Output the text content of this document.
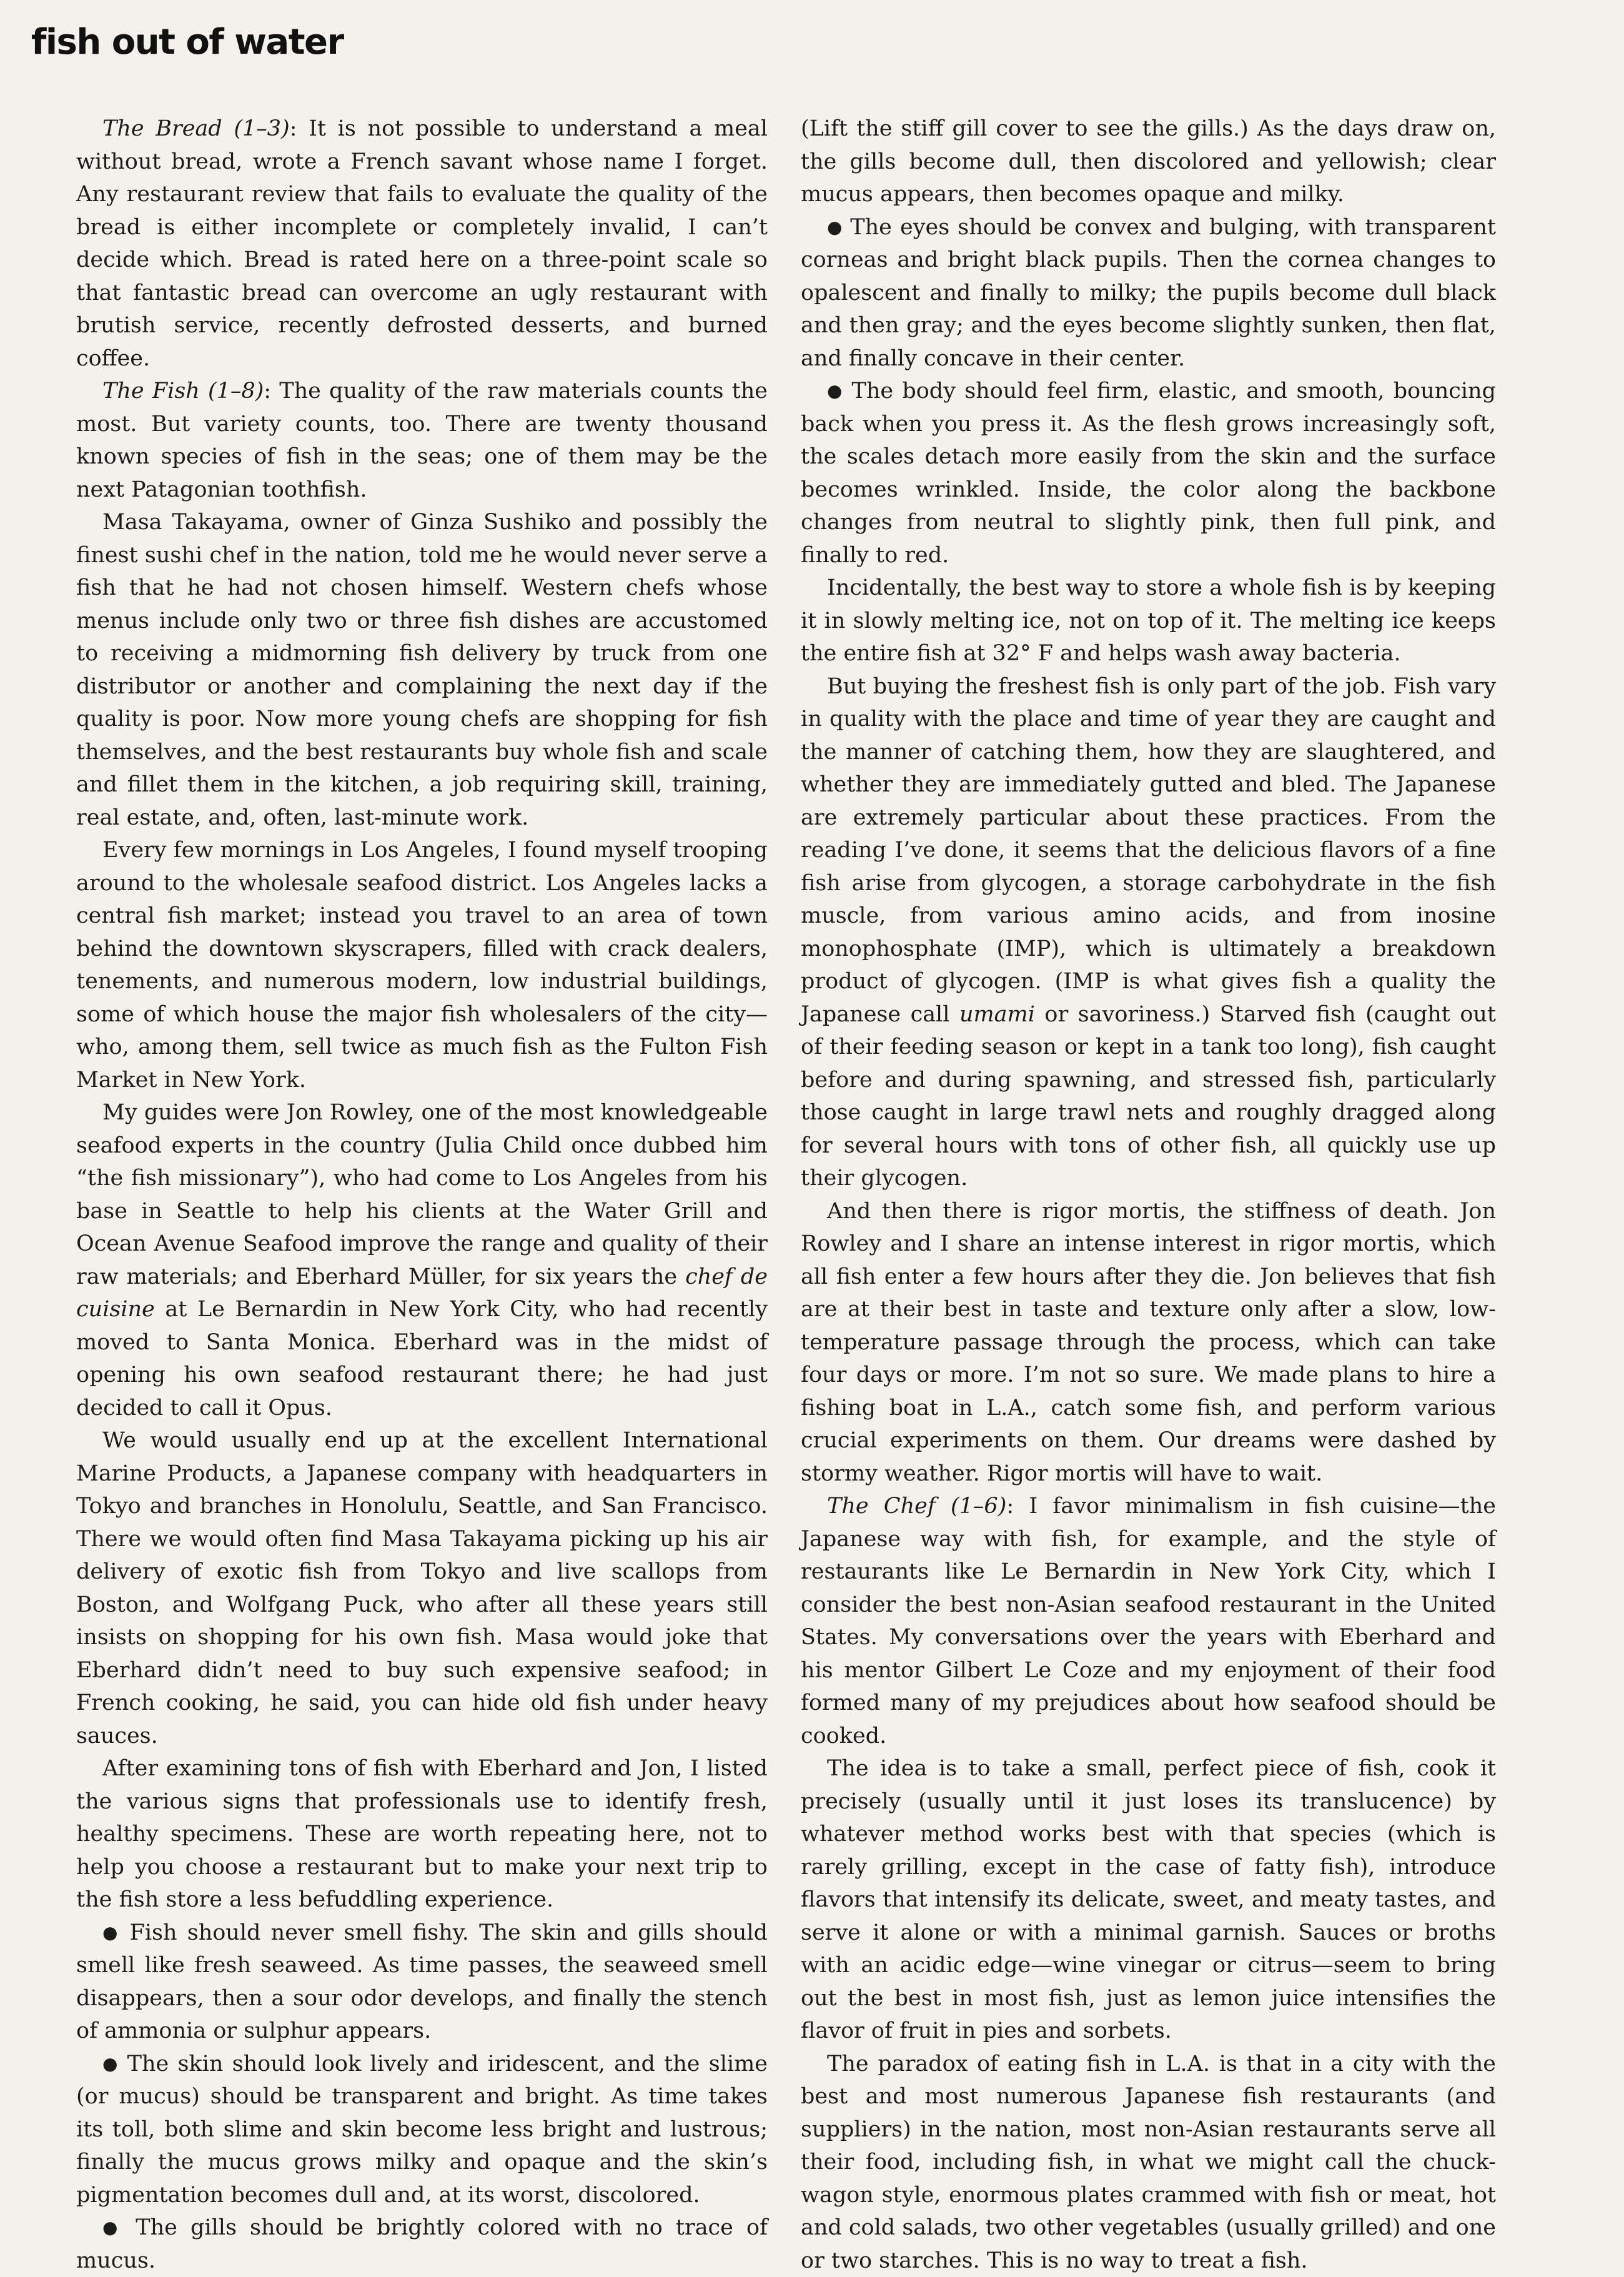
fish out of water

The Bread (1–3): It is not possible to understand a meal without bread, wrote a French savant whose name I forget. Any restaurant review that fails to evaluate the quality of the bread is either incomplete or completely invalid, I can’t decide which. Bread is rated here on a three-point scale so that fantastic bread can overcome an ugly restaurant with brutish service, recently defrosted desserts, and burned coffee.

The Fish (1–8): The quality of the raw materials counts the most. But variety counts, too. There are twenty thousand known species of fish in the seas; one of them may be the next Patagonian toothfish.

Masa Takayama, owner of Ginza Sushiko and possibly the finest sushi chef in the nation, told me he would never serve a fish that he had not chosen himself. Western chefs whose menus include only two or three fish dishes are accustomed to receiving a midmorning fish delivery by truck from one distributor or another and complaining the next day if the quality is poor. Now more young chefs are shopping for fish themselves, and the best restaurants buy whole fish and scale and fillet them in the kitchen, a job requiring skill, training, real estate, and, often, last-minute work.

Every few mornings in Los Angeles, I found myself trooping around to the wholesale seafood district. Los Angeles lacks a central fish market; instead you travel to an area of town behind the downtown skyscrapers, filled with crack dealers, tenements, and numerous modern, low industrial buildings, some of which house the major fish wholesalers of the city—who, among them, sell twice as much fish as the Fulton Fish Market in New York.

My guides were Jon Rowley, one of the most knowledgeable seafood experts in the country (Julia Child once dubbed him “the fish missionary”), who had come to Los Angeles from his base in Seattle to help his clients at the Water Grill and Ocean Avenue Seafood improve the range and quality of their raw materials; and Eberhard Müller, for six years the chef de cuisine at Le Bernardin in New York City, who had recently moved to Santa Monica. Eberhard was in the midst of opening his own seafood restaurant there; he had just decided to call it Opus.

We would usually end up at the excellent International Marine Products, a Japanese company with headquarters in Tokyo and branches in Honolulu, Seattle, and San Francisco. There we would often find Masa Takayama picking up his air delivery of exotic fish from Tokyo and live scallops from Boston, and Wolfgang Puck, who after all these years still insists on shopping for his own fish. Masa would joke that Eberhard didn’t need to buy such expensive seafood; in French cooking, he said, you can hide old fish under heavy sauces.

After examining tons of fish with Eberhard and Jon, I listed the various signs that professionals use to identify fresh, healthy specimens. These are worth repeating here, not to help you choose a restaurant but to make your next trip to the fish store a less befuddling experience.

● Fish should never smell fishy. The skin and gills should smell like fresh seaweed. As time passes, the seaweed smell disappears, then a sour odor develops, and finally the stench of ammonia or sulphur appears.

● The skin should look lively and iridescent, and the slime (or mucus) should be transparent and bright. As time takes its toll, both slime and skin become less bright and lustrous; finally the mucus grows milky and opaque and the skin’s pigmentation becomes dull and, at its worst, discolored.

● The gills should be brightly colored with no trace of mucus.

(Lift the stiff gill cover to see the gills.) As the days draw on, the gills become dull, then discolored and yellowish; clear mucus appears, then becomes opaque and milky.

● The eyes should be convex and bulging, with transparent corneas and bright black pupils. Then the cornea changes to opalescent and finally to milky; the pupils become dull black and then gray; and the eyes become slightly sunken, then flat, and finally concave in their center.

● The body should feel firm, elastic, and smooth, bouncing back when you press it. As the flesh grows increasingly soft, the scales detach more easily from the skin and the surface becomes wrinkled. Inside, the color along the backbone changes from neutral to slightly pink, then full pink, and finally to red.

Incidentally, the best way to store a whole fish is by keeping it in slowly melting ice, not on top of it. The melting ice keeps the entire fish at 32° F and helps wash away bacteria.

But buying the freshest fish is only part of the job. Fish vary in quality with the place and time of year they are caught and the manner of catching them, how they are slaughtered, and whether they are immediately gutted and bled. The Japanese are extremely particular about these practices. From the reading I’ve done, it seems that the delicious flavors of a fine fish arise from glycogen, a storage carbohydrate in the fish muscle, from various amino acids, and from inosine monophosphate (IMP), which is ultimately a breakdown product of glycogen. (IMP is what gives fish a quality the Japanese call umami or savoriness.) Starved fish (caught out of their feeding season or kept in a tank too long), fish caught before and during spawning, and stressed fish, particularly those caught in large trawl nets and roughly dragged along for several hours with tons of other fish, all quickly use up their glycogen.

And then there is rigor mortis, the stiffness of death. Jon Rowley and I share an intense interest in rigor mortis, which all fish enter a few hours after they die. Jon believes that fish are at their best in taste and texture only after a slow, low-temperature passage through the process, which can take four days or more. I’m not so sure. We made plans to hire a fishing boat in L.A., catch some fish, and perform various crucial experiments on them. Our dreams were dashed by stormy weather. Rigor mortis will have to wait.

The Chef (1–6): I favor minimalism in fish cuisine—the Japanese way with fish, for example, and the style of restaurants like Le Bernardin in New York City, which I consider the best non-Asian seafood restaurant in the United States. My conversations over the years with Eberhard and his mentor Gilbert Le Coze and my enjoyment of their food formed many of my prejudices about how seafood should be cooked.

The idea is to take a small, perfect piece of fish, cook it precisely (usually until it just loses its translucence) by whatever method works best with that species (which is rarely grilling, except in the case of fatty fish), introduce flavors that intensify its delicate, sweet, and meaty tastes, and serve it alone or with a minimal garnish. Sauces or broths with an acidic edge—wine vinegar or citrus—seem to bring out the best in most fish, just as lemon juice intensifies the flavor of fruit in pies and sorbets.

The paradox of eating fish in L.A. is that in a city with the best and most numerous Japanese fish restaurants (and suppliers) in the nation, most non-Asian restaurants serve all their food, including fish, in what we might call the chuck-wagon style, enormous plates crammed with fish or meat, hot and cold salads, two other vegetables (usually grilled) and one or two starches. This is no way to treat a fish.
